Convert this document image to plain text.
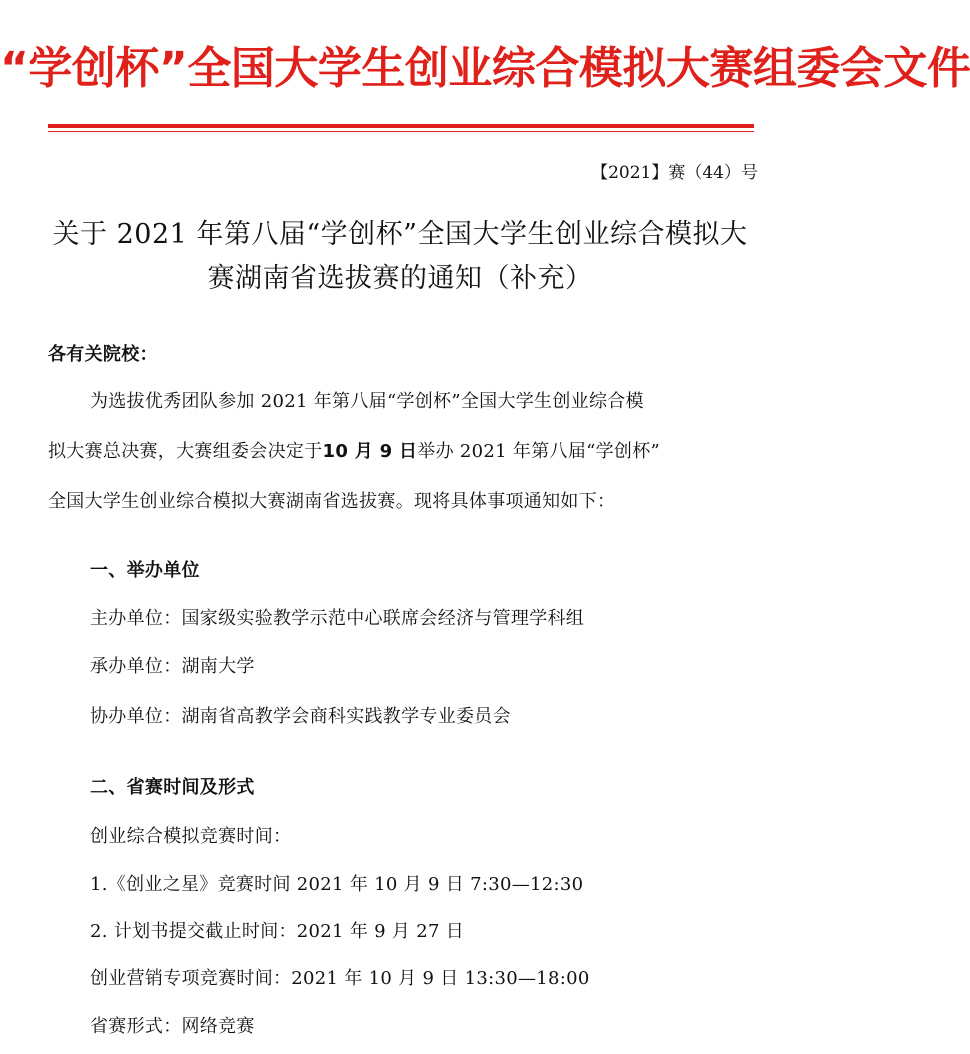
“学创杯”全国大学生创业综合模拟大赛组委会文件
【2021】赛（44）号
关于 2021 年第八届“学创杯”全国大学生创业综合模拟大
赛湖南省选拔赛的通知（补充）
各有关院校：
为选拔优秀团队参加 2021 年第八届“学创杯”全国大学生创业综合模
拟大赛总决赛，大赛组委会决定于10 月 9 日举办 2021 年第八届“学创杯”
全国大学生创业综合模拟大赛湖南省选拔赛。现将具体事项通知如下：
一、举办单位
主办单位：国家级实验教学示范中心联席会经济与管理学科组
承办单位：湖南大学
协办单位：湖南省高教学会商科实践教学专业委员会
二、省赛时间及形式
创业综合模拟竞赛时间：
1.《创业之星》竞赛时间 2021 年 10 月 9 日 7:30—12:30
2. 计划书提交截止时间：2021 年 9 月 27 日
创业营销专项竞赛时间：2021 年 10 月 9 日 13:30—18:00
省赛形式：网络竞赛
